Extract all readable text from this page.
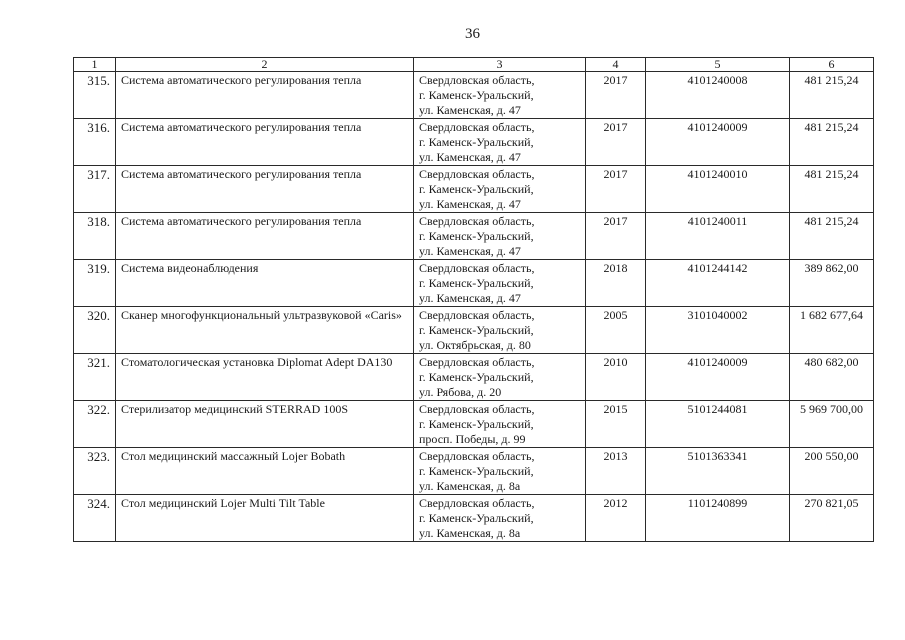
36
1	2	3	4	5	6
315.	Система автоматического регулирования тепла	Свердловская область,
г. Каменск-Уральский,
ул. Каменская, д. 47	2017	4101240008	481 215,24
316.	Система автоматического регулирования тепла	Свердловская область,
г. Каменск-Уральский,
ул. Каменская, д. 47	2017	4101240009	481 215,24
317.	Система автоматического регулирования тепла	Свердловская область,
г. Каменск-Уральский,
ул. Каменская, д. 47	2017	4101240010	481 215,24
318.	Система автоматического регулирования тепла	Свердловская область,
г. Каменск-Уральский,
ул. Каменская, д. 47	2017	4101240011	481 215,24
319.	Система видеонаблюдения	Свердловская область,
г. Каменск-Уральский,
ул. Каменская, д. 47	2018	4101244142	389 862,00
320.	Сканер многофункциональный ультразвуковой «Caris»	Свердловская область,
г. Каменск-Уральский,
ул. Октябрьская, д. 80	2005	3101040002	1 682 677,64
321.	Стоматологическая установка Diplomat Adept DA130	Свердловская область,
г. Каменск-Уральский,
ул. Рябова, д. 20	2010	4101240009	480 682,00
322.	Стерилизатор медицинский STERRAD 100S	Свердловская область,
г. Каменск-Уральский,
просп. Победы, д. 99	2015	5101244081	5 969 700,00
323.	Стол медицинский массажный Lojer Bobath	Свердловская область,
г. Каменск-Уральский,
ул. Каменская, д. 8а	2013	5101363341	200 550,00
324.	Стол медицинский Lojer Multi Tilt Table	Свердловская область,
г. Каменск-Уральский,
ул. Каменская, д. 8а	2012	1101240899	270 821,05
